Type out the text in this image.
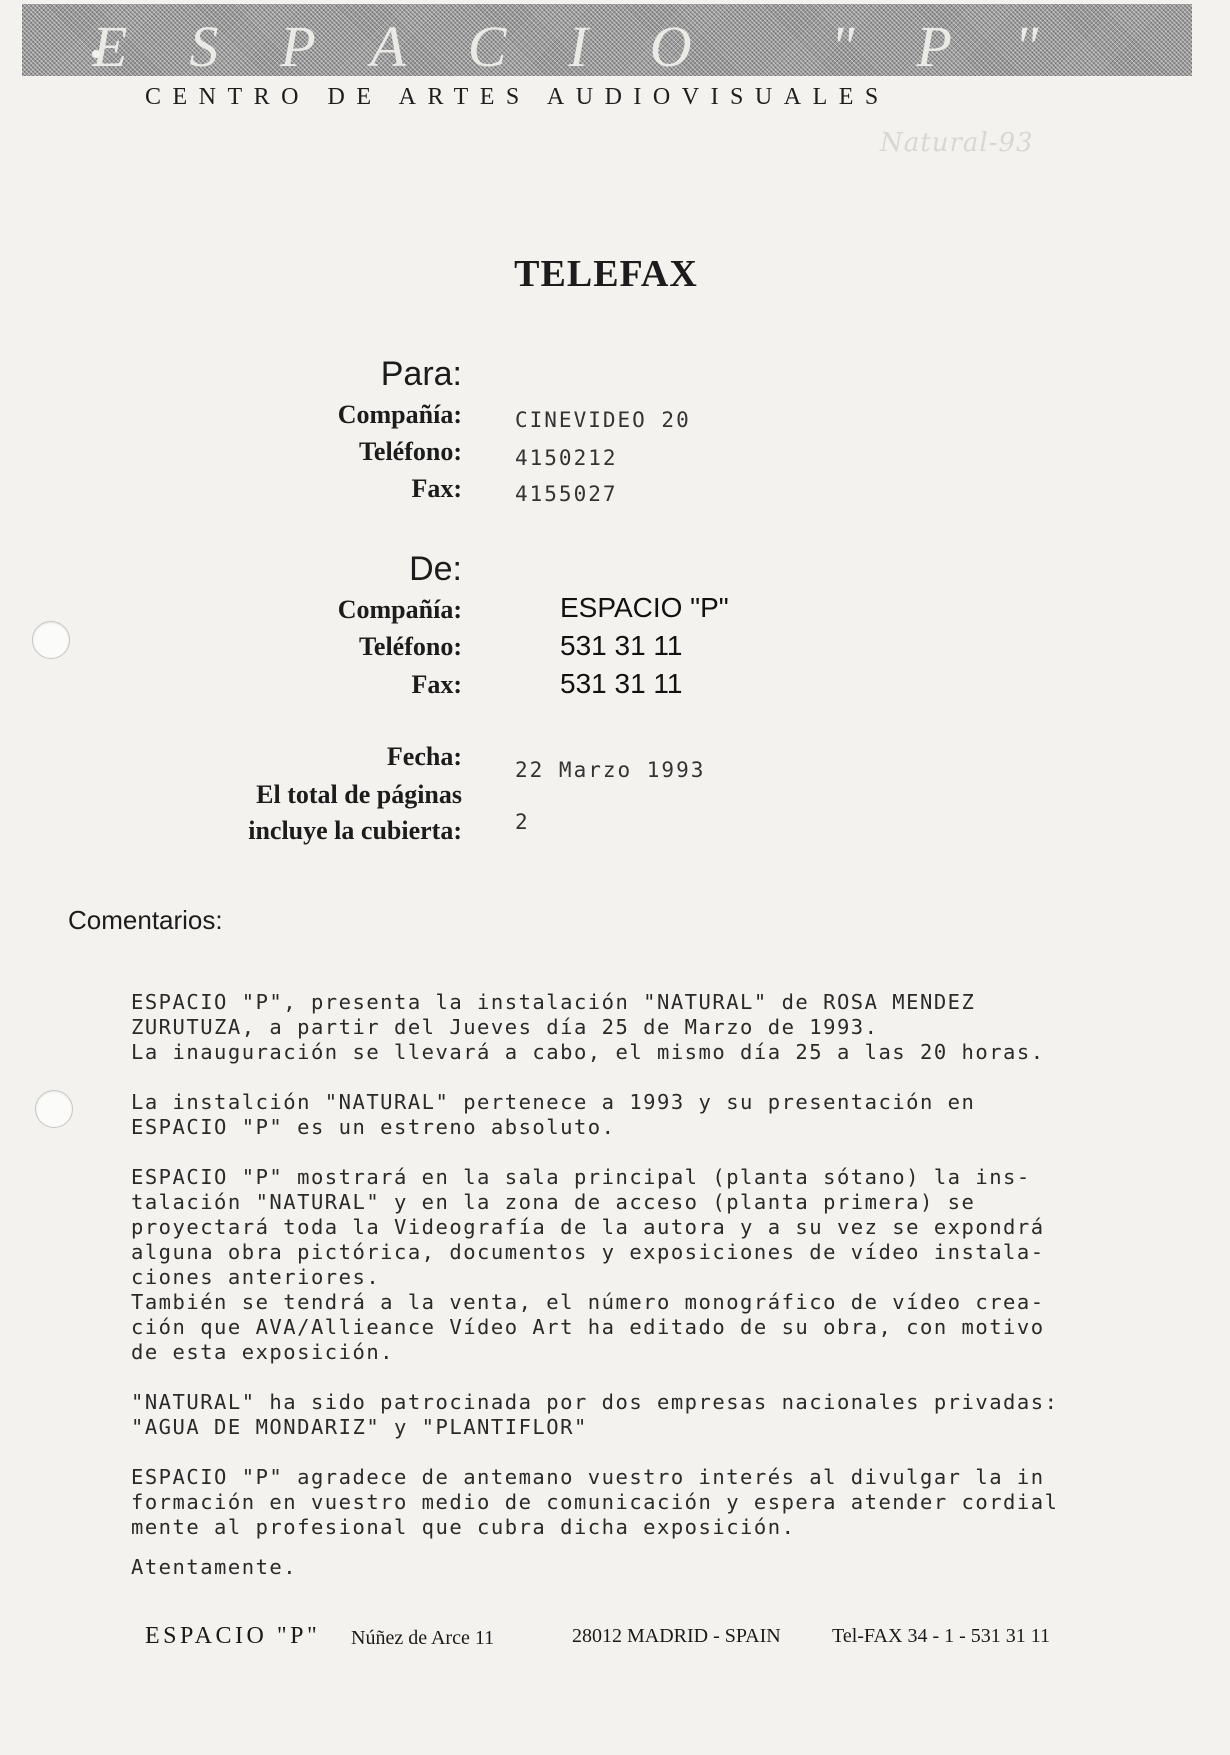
ESPACIO "P"
CENTRO DE ARTES AUDIOVISUALES
Natural-93
TELEFAX
Para:
Compañía:	CINEVIDEO 20
Teléfono:	4150212
Fax:	4155027
De:
Compañía:	ESPACIO "P"
Teléfono:	531 31 11
Fax:	531 31 11
Fecha:	22 Marzo 1993
El total de páginas
incluye la cubierta:	2
Comentarios:
ESPACIO "P", presenta la instalación "NATURAL" de ROSA MENDEZ
ZURUTUZA, a partir del Jueves día 25 de Marzo de 1993.
La inauguración se llevará a cabo, el mismo día 25 a las 20 horas.
La instalción "NATURAL" pertenece a 1993 y su presentación en
ESPACIO "P" es un estreno absoluto.
ESPACIO "P" mostrará en la sala principal (planta sótano) la ins-
talación "NATURAL" y en la zona de acceso (planta primera) se
proyectará toda la Videografía de la autora y a su vez se expondrá
alguna obra pictórica, documentos y exposiciones de vídeo instala-
ciones anteriores.
También se tendrá a la venta, el número monográfico de vídeo crea-
ción que AVA/Allieance Vídeo Art ha editado de su obra, con motivo
de esta exposición.
"NATURAL" ha sido patrocinada por dos empresas nacionales privadas:
"AGUA DE MONDARIZ" y "PLANTIFLOR"
ESPACIO "P" agradece de antemano vuestro interés al divulgar la in
formación en vuestro medio de comunicación y espera atender cordial
mente al profesional que cubra dicha exposición.
Atentamente.
ESPACIO "P" Núñez de Arce 11	28012 MADRID - SPAIN	Tel-FAX 34 - 1 - 531 31 11
